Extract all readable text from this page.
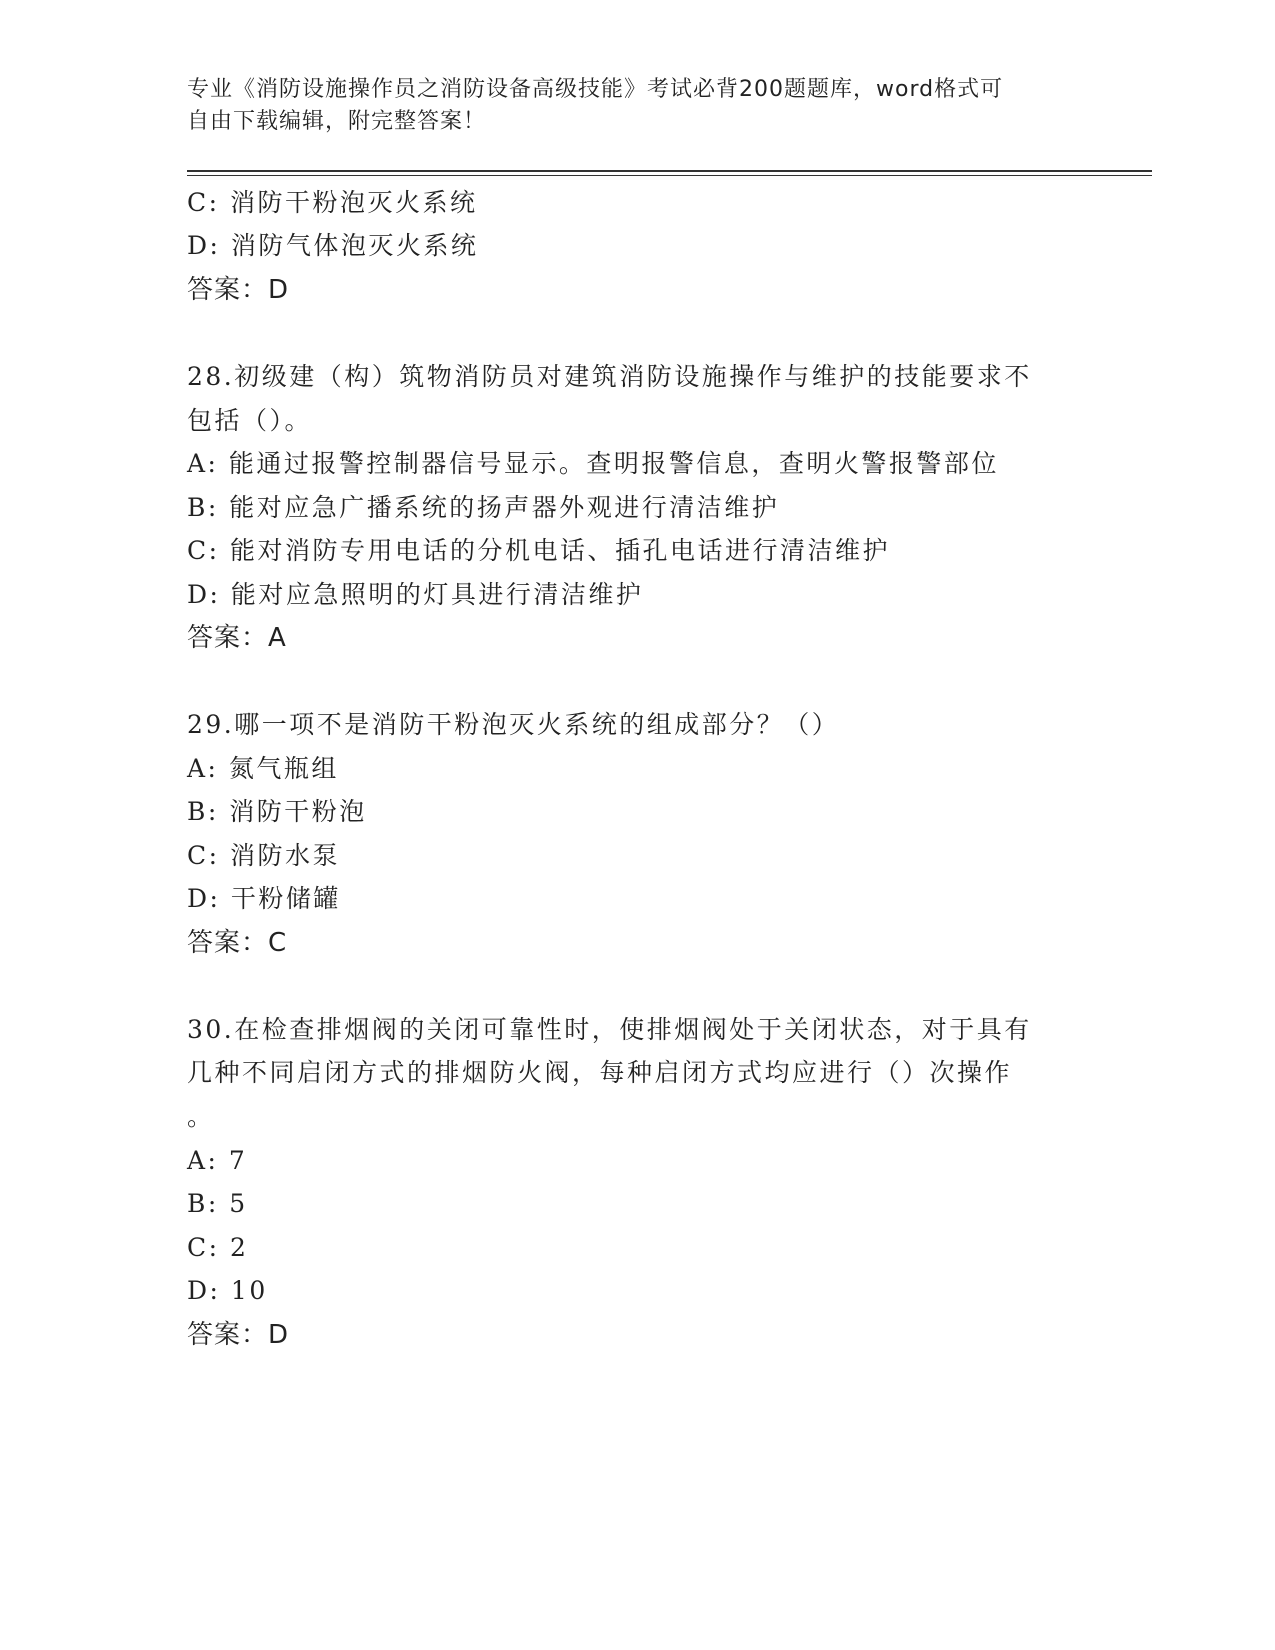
专业《消防设施操作员之消防设备高级技能》考试必背200题题库，word格式可
自由下载编辑，附完整答案！
C: 消防干粉泡灭火系统
D: 消防气体泡灭火系统
答案：D
28.初级建（构）筑物消防员对建筑消防设施操作与维护的技能要求不
包括（）。
A: 能通过报警控制器信号显示。查明报警信息，查明火警报警部位
B: 能对应急广播系统的扬声器外观进行清洁维护
C: 能对消防专用电话的分机电话、插孔电话进行清洁维护
D: 能对应急照明的灯具进行清洁维护
答案：A
29.哪一项不是消防干粉泡灭火系统的组成部分？（）
A: 氮气瓶组
B: 消防干粉泡
C: 消防水泵
D: 干粉储罐
答案：C
30.在检查排烟阀的关闭可靠性时，使排烟阀处于关闭状态，对于具有
几种不同启闭方式的排烟防火阀，每种启闭方式均应进行（）次操作
。
A: 7
B: 5
C: 2
D: 10
答案：D
